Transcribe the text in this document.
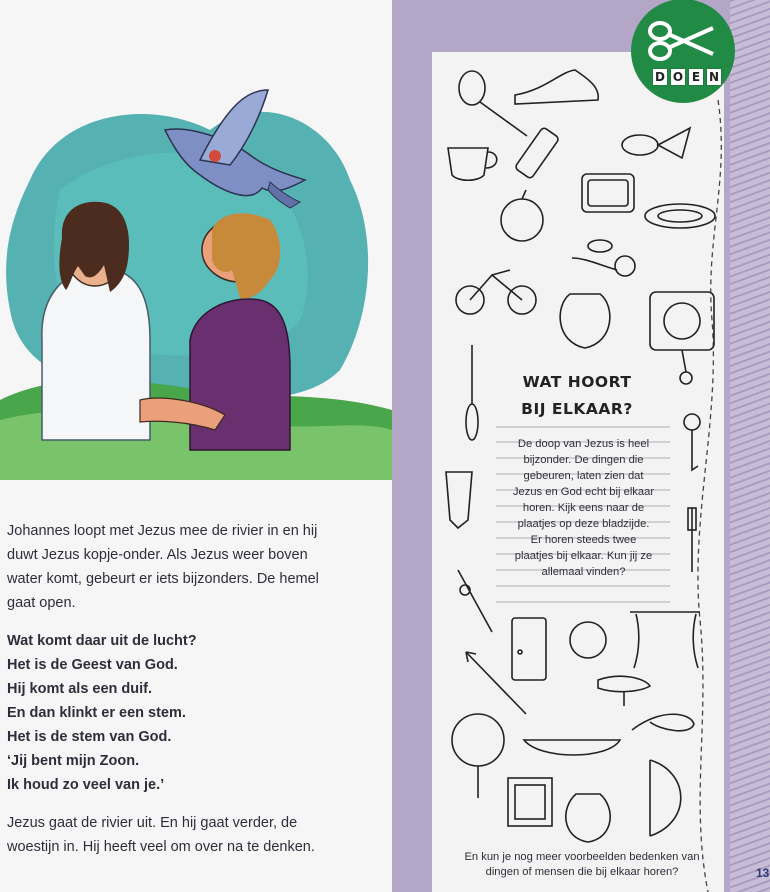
Johannes loopt met Jezus mee de rivier in en hij
duwt Jezus kopje-onder. Als Jezus weer boven
water komt, gebeurt er iets bijzonders. De hemel
gaat open.

Wat komt daar uit de lucht?
Het is de Geest van God.
Hij komt als een duif.
En dan klinkt er een stem.
Het is de stem van God.
‘Jij bent mijn Zoon.
Ik houd zo veel van je.’

Jezus gaat de rivier uit. En hij gaat verder, de
woestijn in. Hij heeft veel om over na te denken.

D O E N
WAT HOORT
BIJ ELKAAR?
De doop van Jezus is heel
bijzonder. De dingen die
gebeuren, laten zien dat
Jezus en God echt bij elkaar
horen. Kijk eens naar de
plaatjes op deze bladzijde.
Er horen steeds twee
plaatjes bij elkaar. Kun jij ze
allemaal vinden?
En kun je nog meer voorbeelden bedenken van
dingen of mensen die bij elkaar horen?	13
